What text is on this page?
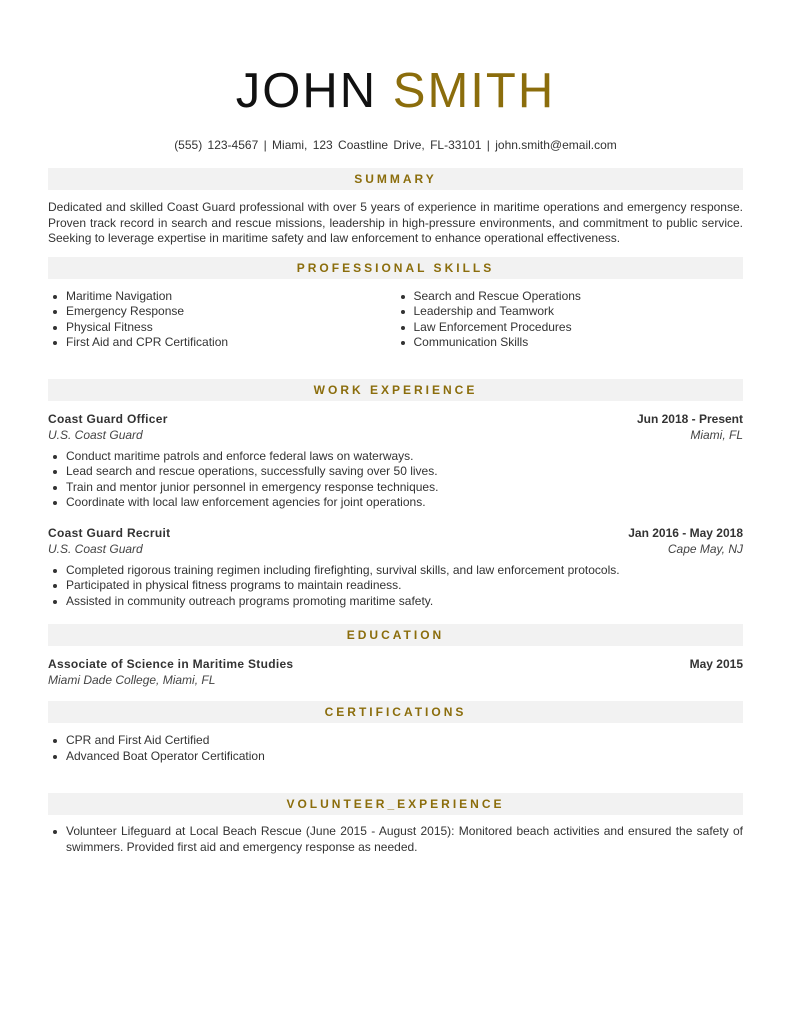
JOHN SMITH
(555) 123-4567 | Miami, 123 Coastline Drive, FL-33101 | john.smith@email.com
SUMMARY

Dedicated and skilled Coast Guard professional with over 5 years of experience in maritime operations and emergency response. Proven track record in search and rescue missions, leadership in high-pressure environments, and commitment to public service. Seeking to leverage expertise in maritime safety and law enforcement to enhance operational effectiveness.

PROFESSIONAL SKILLS
Maritime Navigation
Emergency Response
Physical Fitness
First Aid and CPR Certification
Search and Rescue Operations
Leadership and Teamwork
Law Enforcement Procedures
Communication Skills
WORK EXPERIENCE
Coast Guard Officer	Jun 2018 - Present
U.S. Coast Guard	Miami, FL
Conduct maritime patrols and enforce federal laws on waterways.
Lead search and rescue operations, successfully saving over 50 lives.
Train and mentor junior personnel in emergency response techniques.
Coordinate with local law enforcement agencies for joint operations.
Coast Guard Recruit	Jan 2016 - May 2018
U.S. Coast Guard	Cape May, NJ
Completed rigorous training regimen including firefighting, survival skills, and law enforcement protocols.
Participated in physical fitness programs to maintain readiness.
Assisted in community outreach programs promoting maritime safety.
EDUCATION
Associate of Science in Maritime Studies	May 2015
Miami Dade College, Miami, FL
CERTIFICATIONS
CPR and First Aid Certified
Advanced Boat Operator Certification
VOLUNTEER_EXPERIENCE
Volunteer Lifeguard at Local Beach Rescue (June 2015 - August 2015): Monitored beach activities and ensured the safety of swimmers. Provided first aid and emergency response as needed.
